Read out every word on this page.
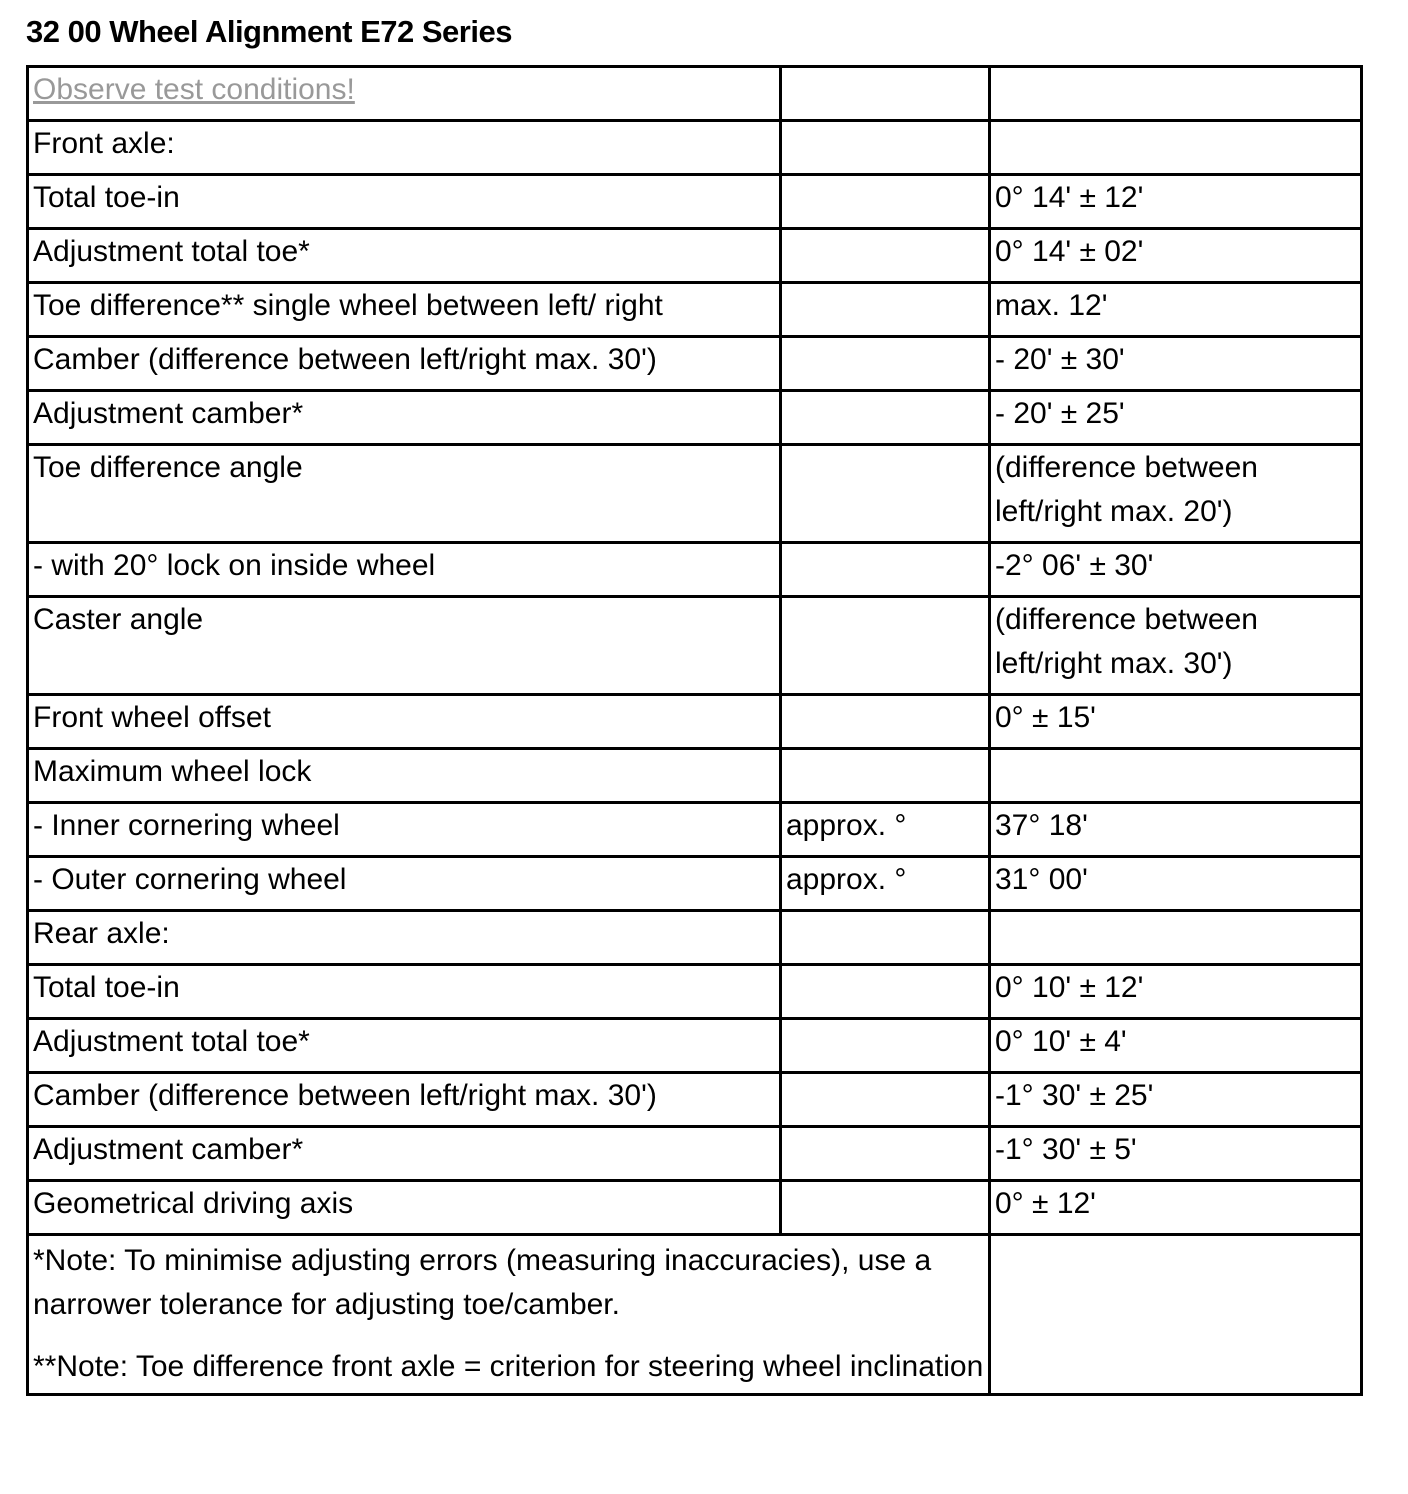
32 00 Wheel Alignment E72 Series
Observe test conditions!		
Front axle:		
Total toe-in		0° 14' ± 12'
Adjustment total toe*		0° 14' ± 02'
Toe difference** single wheel between left/ right		max. 12'
Camber (difference between left/right max. 30')		- 20' ± 30'
Adjustment camber*		- 20' ± 25'
Toe difference angle		(difference between left/right max. 20')
- with 20° lock on inside wheel		-2° 06' ± 30'
Caster angle		(difference between left/right max. 30')
Front wheel offset		0° ± 15'
Maximum wheel lock		
- Inner cornering wheel	approx. °	37° 18'
- Outer cornering wheel	approx. °	31° 00'
Rear axle:		
Total toe-in		0° 10' ± 12'
Adjustment total toe*		0° 10' ± 4'
Camber (difference between left/right max. 30')		-1° 30' ± 25'
Adjustment camber*		-1° 30' ± 5'
Geometrical driving axis		0° ± 12'

*Note: To minimise adjusting errors (measuring inaccuracies), use a narrower tolerance for adjusting toe/camber.
**Note: Toe difference front axle = criterion for steering wheel inclination		
